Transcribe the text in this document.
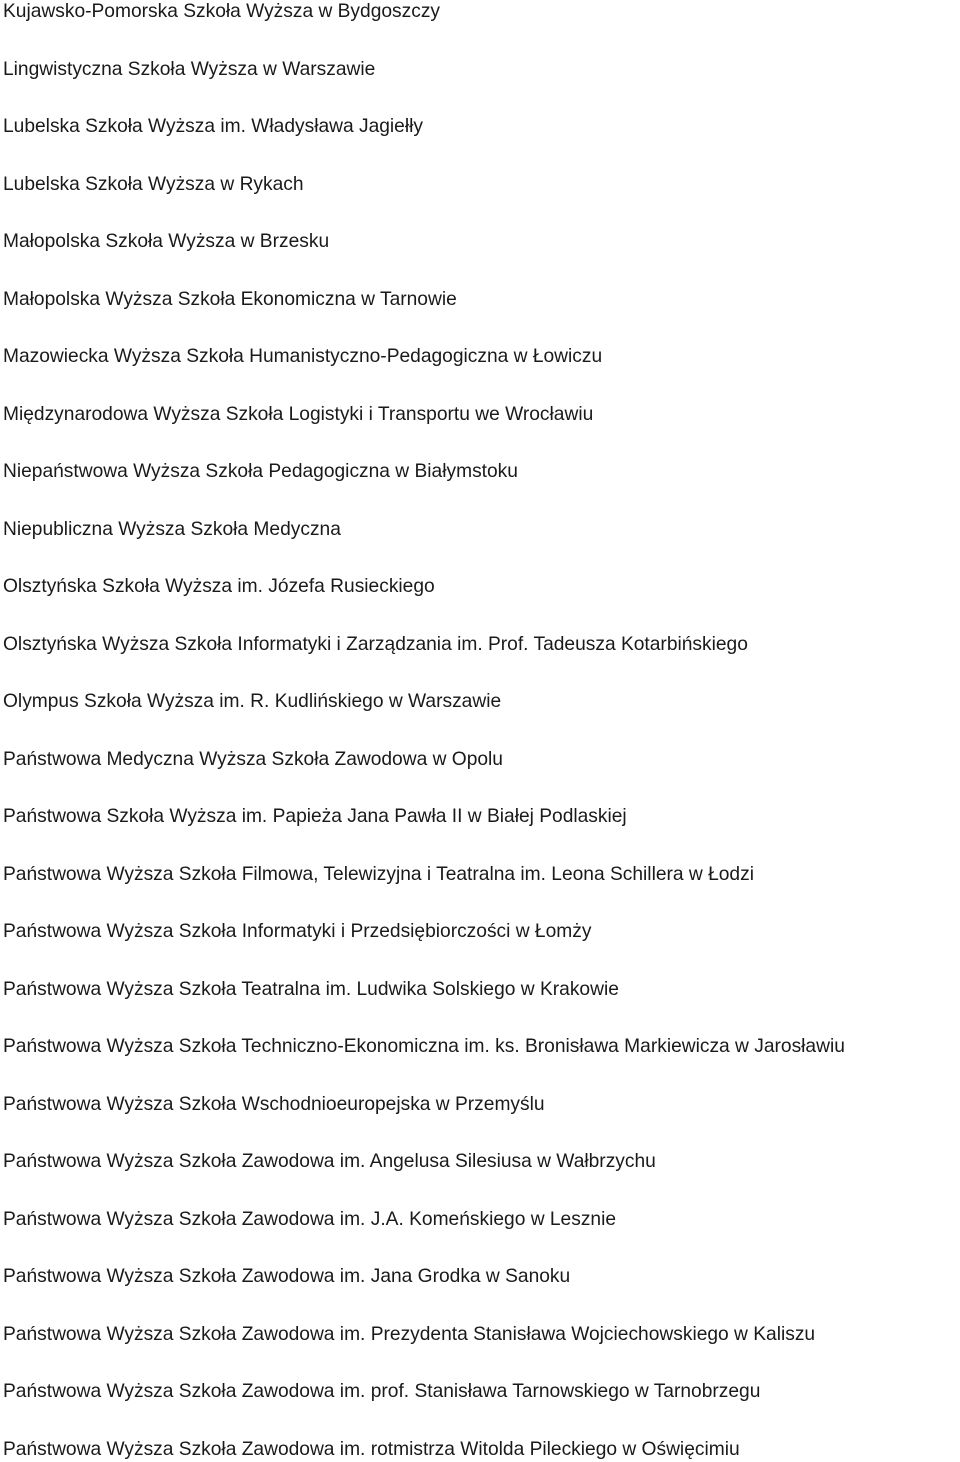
Kujawsko-Pomorska Szkoła Wyższa w Bydgoszczy
Lingwistyczna Szkoła Wyższa w Warszawie
Lubelska Szkoła Wyższa im. Władysława Jagiełły
Lubelska Szkoła Wyższa w Rykach
Małopolska Szkoła Wyższa w Brzesku
Małopolska Wyższa Szkoła Ekonomiczna w Tarnowie
Mazowiecka Wyższa Szkoła Humanistyczno-Pedagogiczna w Łowiczu
Międzynarodowa Wyższa Szkoła Logistyki i Transportu we Wrocławiu
Niepaństwowa Wyższa Szkoła Pedagogiczna w Białymstoku
Niepubliczna Wyższa Szkoła Medyczna
Olsztyńska Szkoła Wyższa im. Józefa Rusieckiego
Olsztyńska Wyższa Szkoła Informatyki i Zarządzania im. Prof. Tadeusza Kotarbińskiego
Olympus Szkoła Wyższa im. R. Kudlińskiego w Warszawie
Państwowa Medyczna Wyższa Szkoła Zawodowa w Opolu
Państwowa Szkoła Wyższa im. Papieża Jana Pawła II w Białej Podlaskiej
Państwowa Wyższa Szkoła Filmowa, Telewizyjna i Teatralna im. Leona Schillera w Łodzi
Państwowa Wyższa Szkoła Informatyki i Przedsiębiorczości w Łomży
Państwowa Wyższa Szkoła Teatralna im. Ludwika Solskiego w Krakowie
Państwowa Wyższa Szkoła Techniczno-Ekonomiczna im. ks. Bronisława Markiewicza w Jarosławiu
Państwowa Wyższa Szkoła Wschodnioeuropejska w Przemyślu
Państwowa Wyższa Szkoła Zawodowa im. Angelusa Silesiusa w Wałbrzychu
Państwowa Wyższa Szkoła Zawodowa im. J.A. Komeńskiego w Lesznie
Państwowa Wyższa Szkoła Zawodowa im. Jana Grodka w Sanoku
Państwowa Wyższa Szkoła Zawodowa im. Prezydenta Stanisława Wojciechowskiego w Kaliszu
Państwowa Wyższa Szkoła Zawodowa im. prof. Stanisława Tarnowskiego w Tarnobrzegu
Państwowa Wyższa Szkoła Zawodowa im. rotmistrza Witolda Pileckiego w Oświęcimiu
